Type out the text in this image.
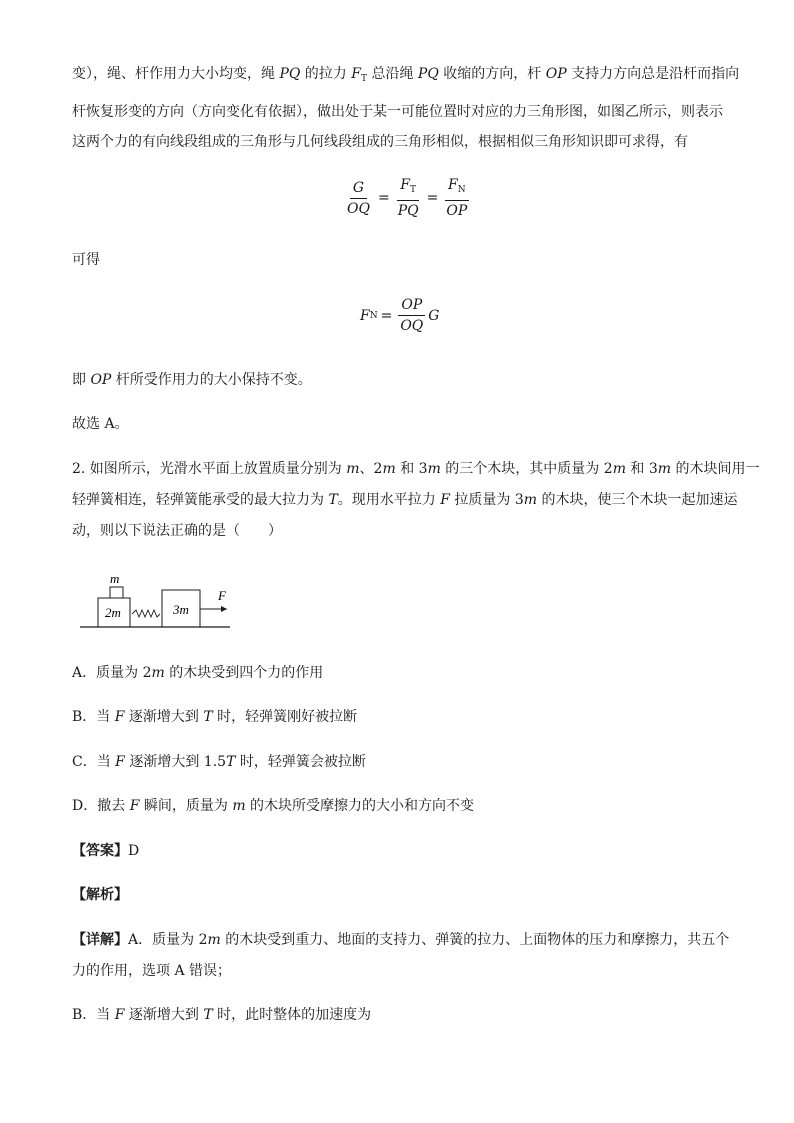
变），绳、杆作用力大小均变，绳 PQ 的拉力 $F_T$ 总沿绳 PQ 收缩的方向，杆 OP 支持力方向总是沿杆而指向
杆恢复形变的方向（方向变化有依据），做出处于某一可能位置时对应的力三角形图，如图乙所示，则表示
这两个力的有向线段组成的三角形与几何线段组成的三角形相似，根据相似三角形知识即可求得，有
$\frac{G}{OQ} = \frac{F_T}{PQ} = \frac{F_N}{OP}$
可得
F $N = \frac{OP}{OQ}$ G
即 OP 杆所受作用力的大小保持不变。
故选 A。
2. 如图所示，光滑水平面上放置质量分别为 m、2m 和 3m 的三个木块，其中质量为 2m 和 3m 的木块间用一
轻弹簧相连，轻弹簧能承受的最大拉力为 T。现用水平拉力 F 拉质量为 3m 的木块，使三个木块一起加速运
动，则以下说法正确的是（　　）
m
2m	3m
F
A．质量为 2m 的木块受到四个力的作用
B．当 F 逐渐增大到 T 时，轻弹簧刚好被拉断
C．当 F 逐渐增大到 1.5T 时，轻弹簧会被拉断
D．撤去 F 瞬间，质量为 m 的木块所受摩擦力的大小和方向不变
【答案】D
【解析】
【详解】A．质量为 2m 的木块受到重力、地面的支持力、弹簧的拉力、上面物体的压力和摩擦力，共五个
力的作用，选项 A 错误；
B．当 F 逐渐增大到 T 时，此时整体的加速度为
